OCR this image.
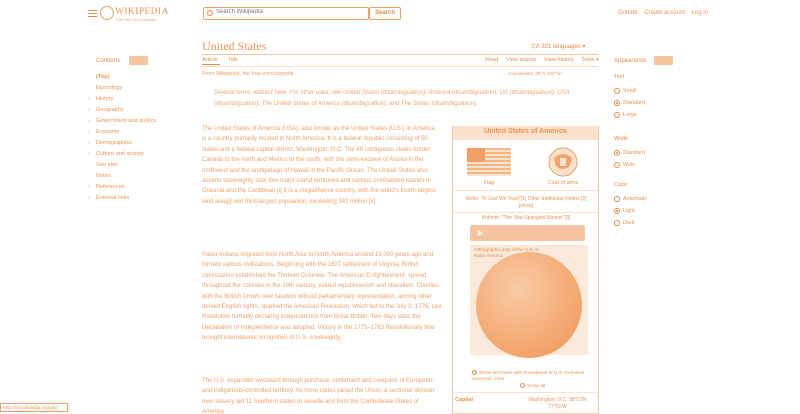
WIKIPEDIA
The Free Encyclopedia
Search Wikipedia
Search	Donate Create account Log in
Contents
(Top)
Etymology
›	History
›	Geography
›	Government and politics
›	Economy
›	Demographics
›	Culture and society
See also
Notes
›	References
›	External links
United States	文A 331 languages ▾
Article Talk	Read View source View history Tools ▾
From Wikipedia, the free encyclopedia	Coordinates: 40°N 100°W
Several terms redirect here. For other uses, see United States (disambiguation), America (disambiguation), US (disambiguation), USA (disambiguation), The United States of America (disambiguation), and The States (disambiguation).
The United States of America (USA), also known as the United States (U.S.) or America, is a country primarily located in North America. It is a federal republic consisting of 50 states and a federal capital district, Washington, D.C. The 48 contiguous states border Canada to the north and Mexico to the south, with the semi-exclave of Alaska in the northwest and the archipelago of Hawaii in the Pacific Ocean. The United States also asserts sovereignty over five major island territories and various uninhabited islands in Oceania and the Caribbean.[i] It is a megadiverse country, with the world's fourth-largest land area[j] and third-largest population, exceeding 341 million.[k]
Paleo-Indians migrated from North Asia to North America around 15,000 years ago and formed various civilizations. Beginning with the 1607 settlement of Virginia, British colonization established the Thirteen Colonies. The American Enlightenment, spread throughout the colonies in the 18th century, valued republicanism and liberalism. Clashes with the British Crown over taxation without parliamentary representation, among other denied English rights, sparked the American Revolution, which led to the July 2, 1776, Lee Resolution formally declaring independence from Great Britain. Two days later, the Declaration of Independence was adopted. Victory in the 1775–1783 Revolutionary War brought international recognition of U.S. sovereignty.
The U.S. expanded westward through purchase, settlement and conquest of European- and Indigenous-controlled territory. As more states joined the Union, a sectional division over slavery led 11 Southern states to secede and form the Confederate States of America
United States of America
Flag	Coat of arms
Motto: "In God We Trust"[1] Other traditional mottos:[2] [show]
Anthem: "The Star-Spangled Banner"[3]
Orthographic map of the U.S. in North America
Show territories with boundaries of U.S. exclusive economic zone
Show all
Capital	Washington, D.C. 38°53′N 77°01′W
Appearance
Text
Small
Standard
Large
Width
Standard
Wide
Color
Automatic
Light
Dark
https://en.wikipedia.org/wiki/
